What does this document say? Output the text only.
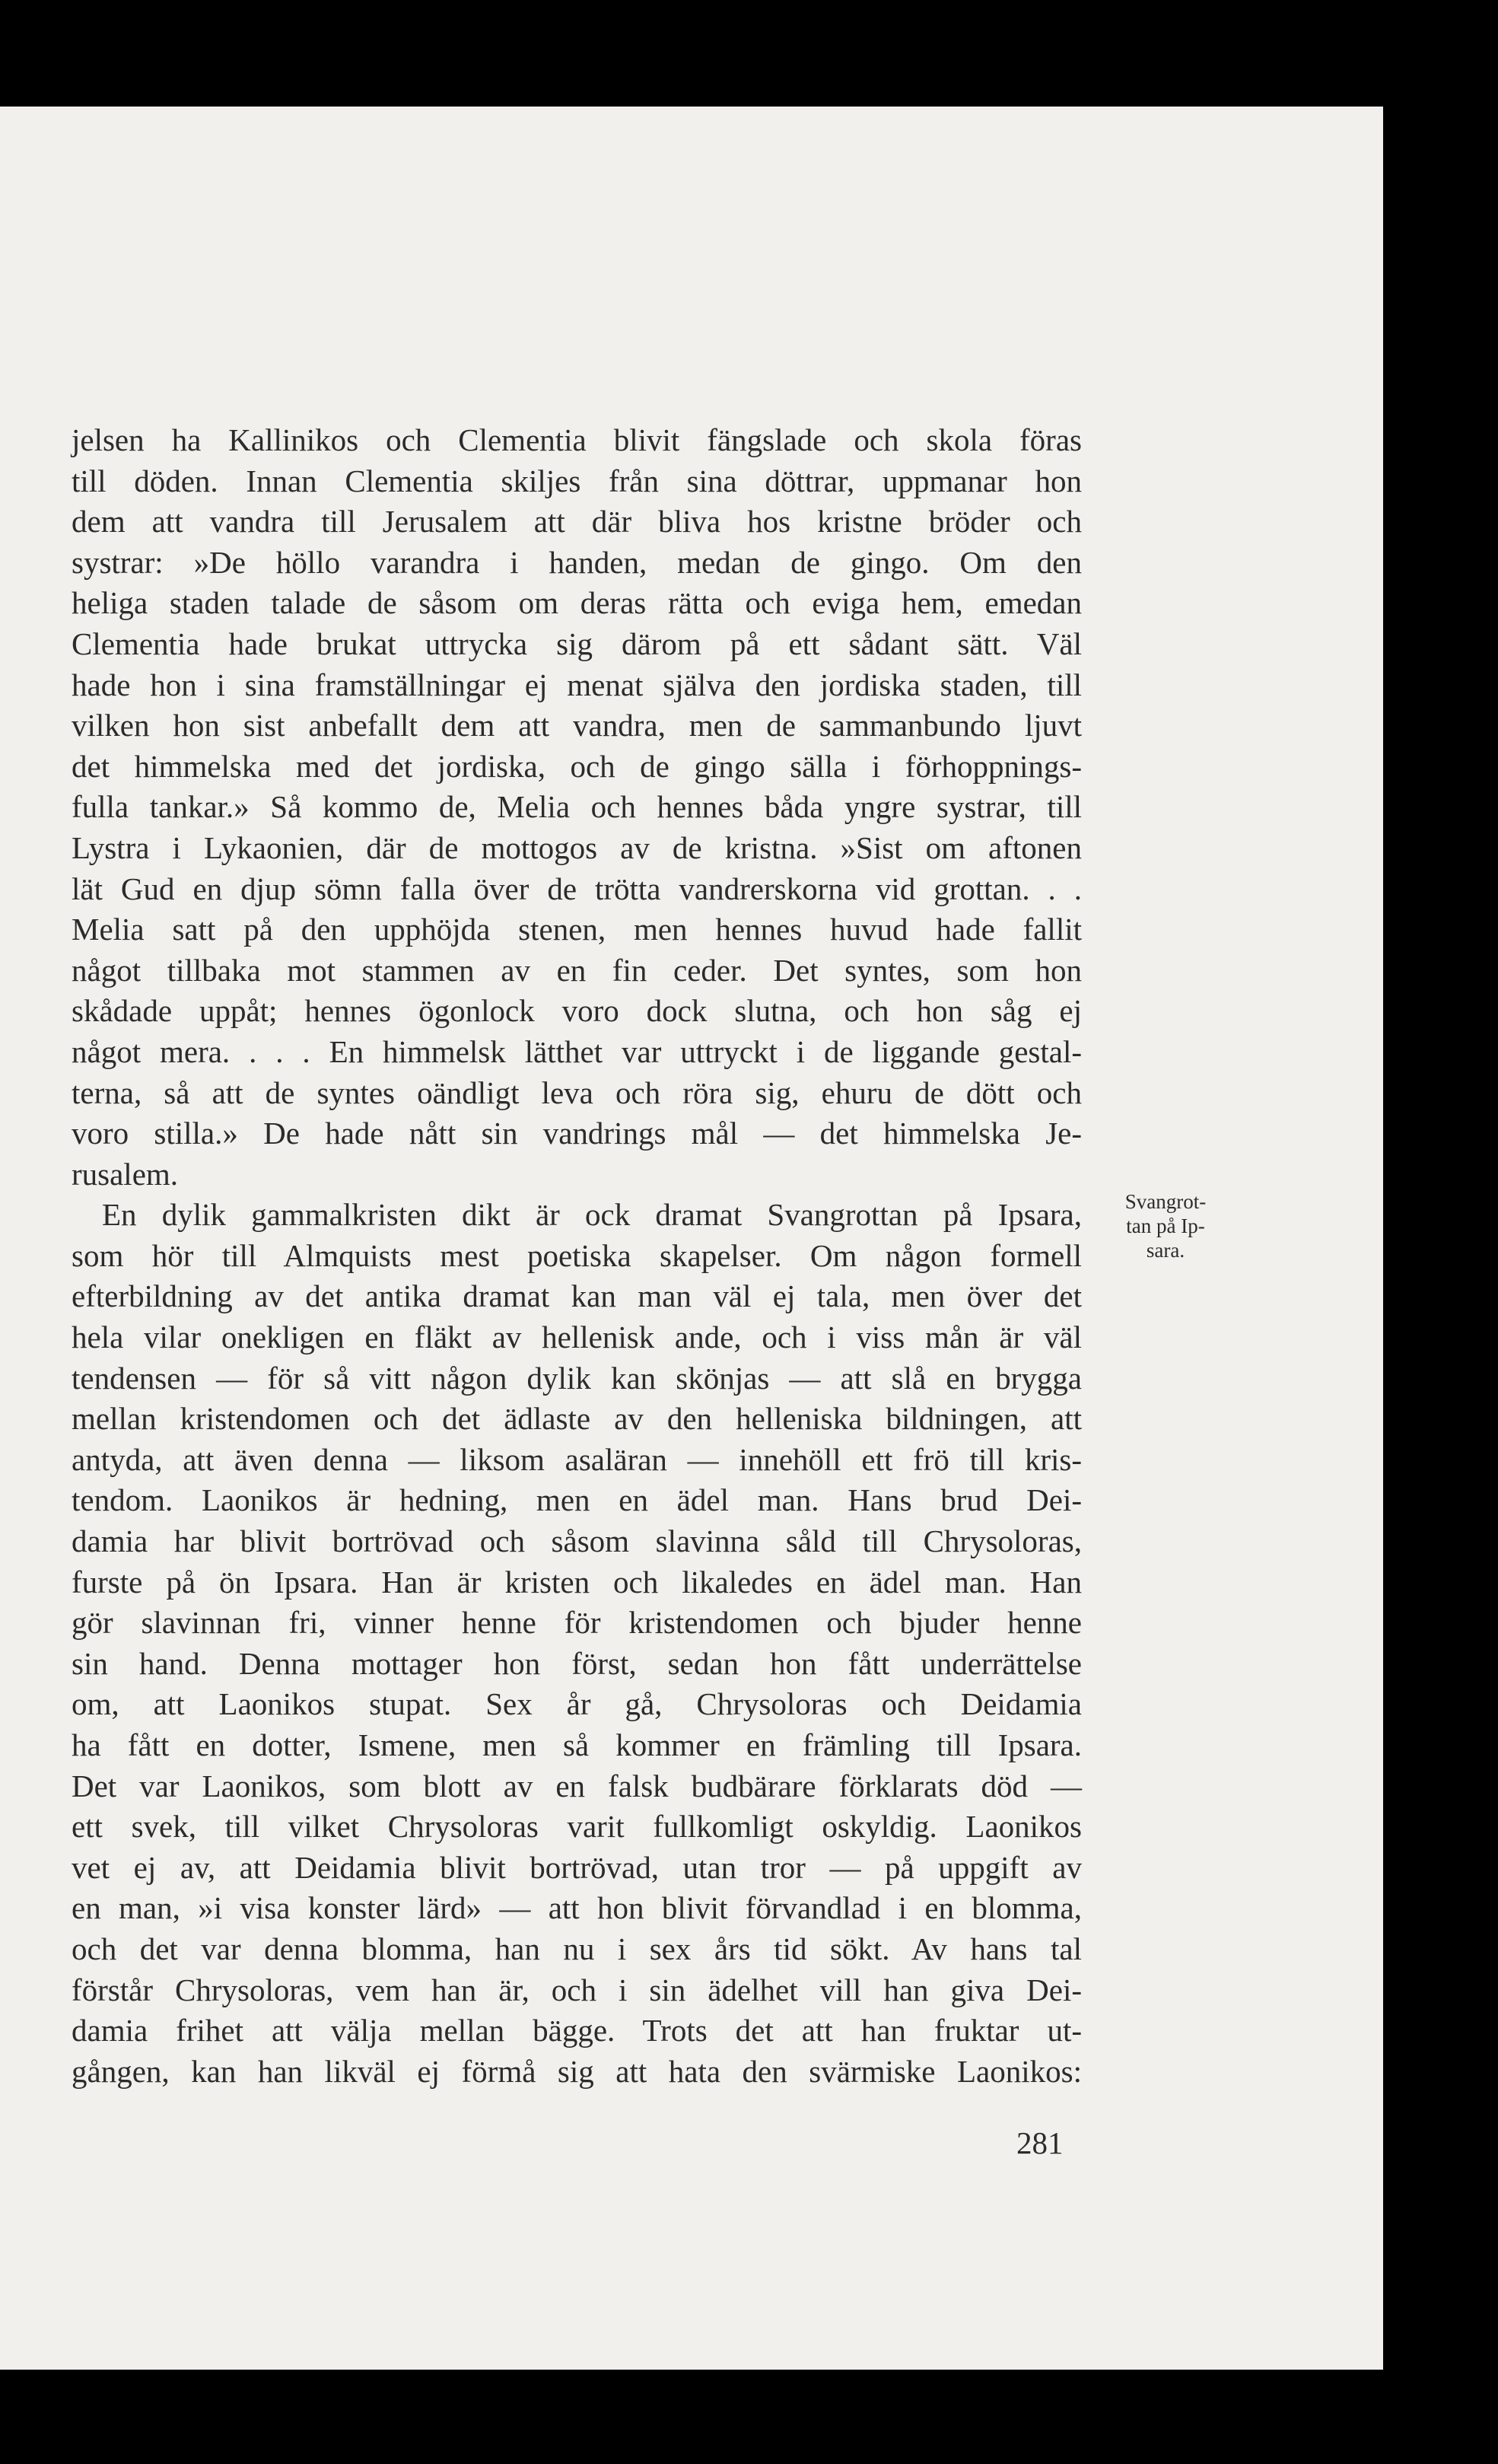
jelsen ha Kallinikos och Clementia blivit fängslade och skola föras
till döden. Innan Clementia skiljes från sina döttrar, uppmanar hon
dem att vandra till Jerusalem att där bliva hos kristne bröder och
systrar: »De höllo varandra i handen, medan de gingo. Om den
heliga staden talade de såsom om deras rätta och eviga hem, emedan
Clementia hade brukat uttrycka sig därom på ett sådant sätt. Väl
hade hon i sina framställningar ej menat själva den jordiska staden, till
vilken hon sist anbefallt dem att vandra, men de sammanbundo ljuvt
det himmelska med det jordiska, och de gingo sälla i förhoppnings-
fulla tankar.» Så kommo de, Melia och hennes båda yngre systrar, till
Lystra i Lykaonien, där de mottogos av de kristna. »Sist om aftonen
lät Gud en djup sömn falla över de trötta vandrerskorna vid grottan. . .
Melia satt på den upphöjda stenen, men hennes huvud hade fallit
något tillbaka mot stammen av en fin ceder. Det syntes, som hon
skådade uppåt; hennes ögonlock voro dock slutna, och hon såg ej
något mera. . . . En himmelsk lätthet var uttryckt i de liggande gestal-
terna, så att de syntes oändligt leva och röra sig, ehuru de dött och
voro stilla.» De hade nått sin vandrings mål — det himmelska Je-
rusalem.
En dylik gammalkristen dikt är ock dramat Svangrottan på Ipsara,
som hör till Almquists mest poetiska skapelser. Om någon formell
efterbildning av det antika dramat kan man väl ej tala, men över det
hela vilar onekligen en fläkt av hellenisk ande, och i viss mån är väl
tendensen — för så vitt någon dylik kan skönjas — att slå en brygga
mellan kristendomen och det ädlaste av den helleniska bildningen, att
antyda, att även denna — liksom asaläran — innehöll ett frö till kris-
tendom. Laonikos är hedning, men en ädel man. Hans brud Dei-
damia har blivit bortrövad och såsom slavinna såld till Chrysoloras,
furste på ön Ipsara. Han är kristen och likaledes en ädel man. Han
gör slavinnan fri, vinner henne för kristendomen och bjuder henne
sin hand. Denna mottager hon först, sedan hon fått underrättelse
om, att Laonikos stupat. Sex år gå, Chrysoloras och Deidamia
ha fått en dotter, Ismene, men så kommer en främling till Ipsara.
Det var Laonikos, som blott av en falsk budbärare förklarats död —
ett svek, till vilket Chrysoloras varit fullkomligt oskyldig. Laonikos
vet ej av, att Deidamia blivit bortrövad, utan tror — på uppgift av
en man, »i visa konster lärd» — att hon blivit förvandlad i en blomma,
och det var denna blomma, han nu i sex års tid sökt. Av hans tal
förstår Chrysoloras, vem han är, och i sin ädelhet vill han giva Dei-
damia frihet att välja mellan bägge. Trots det att han fruktar ut-
gången, kan han likväl ej förmå sig att hata den svärmiske Laonikos:
Svangrot-
tan på Ip-
sara.
281
